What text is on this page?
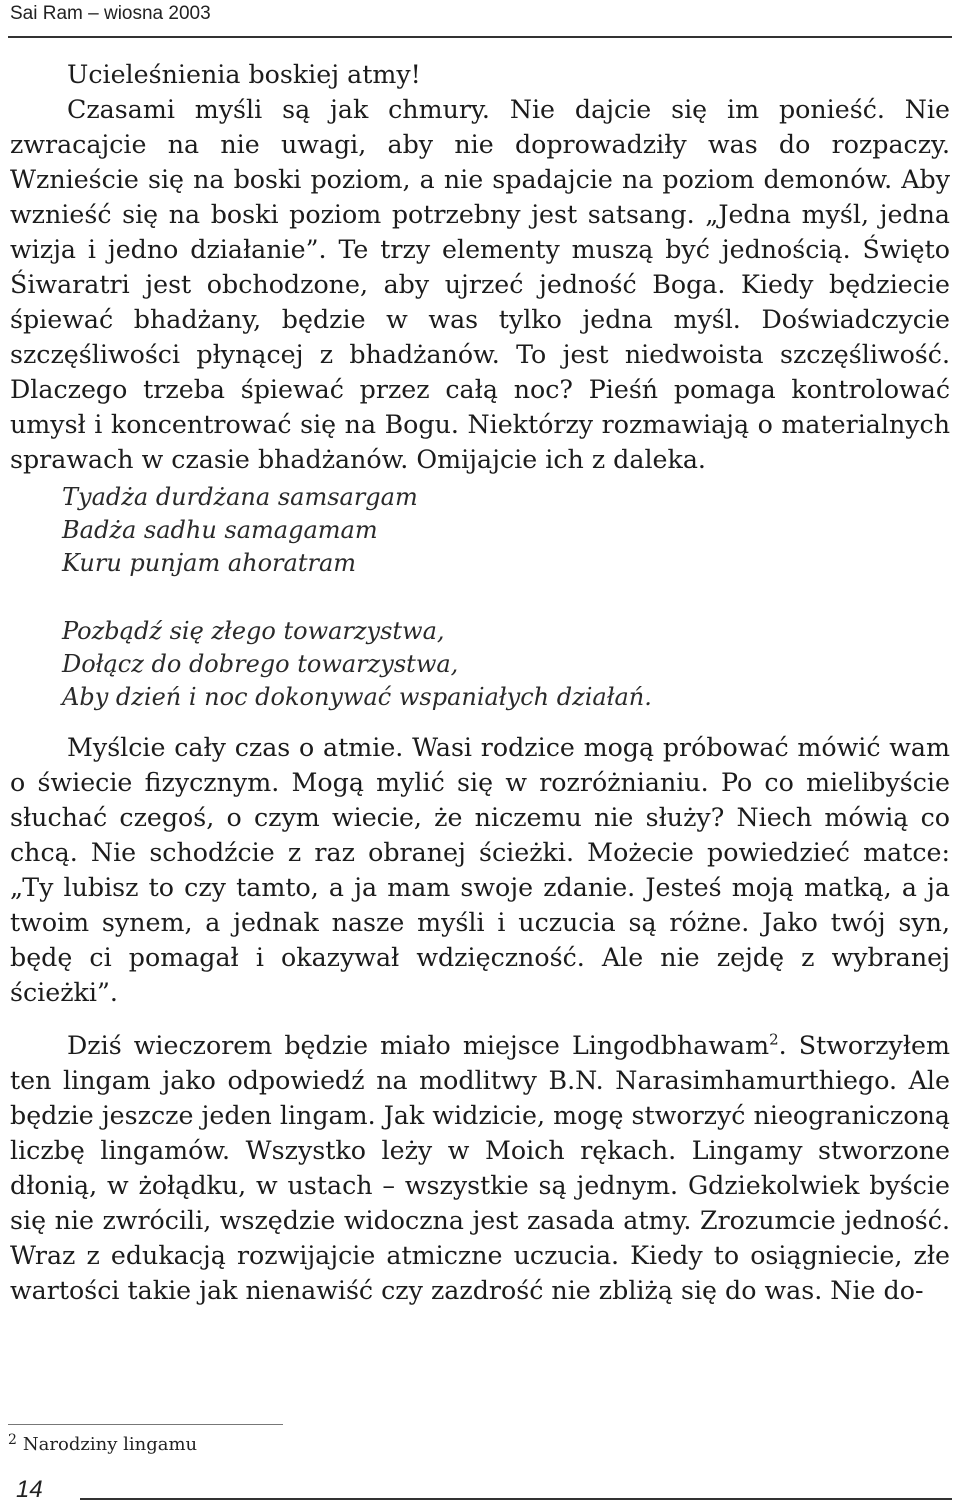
Sai Ram – wiosna 2003

Ucieleśnienia boskiej atmy!

Czasami myśli są jak chmury. Nie dajcie się im ponieść. Nie zwracajcie na nie uwagi, aby nie doprowadziły was do rozpaczy. Wznieście się na boski poziom, a nie spadajcie na poziom demonów. Aby wznieść się na boski poziom potrzebny jest satsang. „Jedna myśl, jedna wizja i jedno działanie”. Te trzy elementy muszą być jednością. Święto Śiwaratri jest obchodzone, aby ujrzeć jedność Boga. Kiedy będziecie śpiewać bhadżany, będzie w was tylko jedna myśl. Doświadczycie szczęśliwości płynącej z bhadżanów. To jest niedwoista szczęśliwość. Dlaczego trzeba śpiewać przez całą noc? Pieśń pomaga kontrolować umysł i koncentrować się na Bogu. Niektórzy rozmawiają o materialnych sprawach w czasie bhadżanów. Omijajcie ich z daleka.

Tyadża durdżana samsargam
Badża sadhu samagamam
Kuru punjam ahoratram
Pozbądź się złego towarzystwa,
Dołącz do dobrego towarzystwa,
Aby dzień i noc dokonywać wspaniałych działań.

Myślcie cały czas o atmie. Wasi rodzice mogą próbować mówić wam o świecie fizycznym. Mogą mylić się w rozróżnianiu. Po co mielibyście słuchać czegoś, o czym wiecie, że niczemu nie służy? Niech mówią co chcą. Nie schodźcie z raz obranej ścieżki. Możecie powiedzieć matce: „Ty lubisz to czy tamto, a ja mam swoje zdanie. Jesteś moją matką, a ja twoim synem, a jednak nasze myśli i uczucia są różne. Jako twój syn, będę ci pomagał i okazywał wdzięczność. Ale nie zejdę z wybranej ścieżki”.

Dziś wieczorem będzie miało miejsce Lingodbhawam$^2$. Stworzyłem ten lingam jako odpowiedź na modlitwy B.N. Narasimhamurthiego. Ale będzie jeszcze jeden lingam. Jak widzicie, mogę stworzyć nieograniczoną liczbę lingamów. Wszystko leży w Moich rękach. Lingamy stworzone dłonią, w żołądku, w ustach – wszystkie są jednym. Gdziekolwiek byście się nie zwrócili, wszędzie widoczna jest zasada atmy. Zrozumcie jedność. Wraz z edukacją rozwijajcie atmiczne uczucia. Kiedy to osiągniecie, złe wartości takie jak nienawiść czy zazdrość nie zbliżą się do was. Nie do-

$^2$ Narodziny lingamu
14
